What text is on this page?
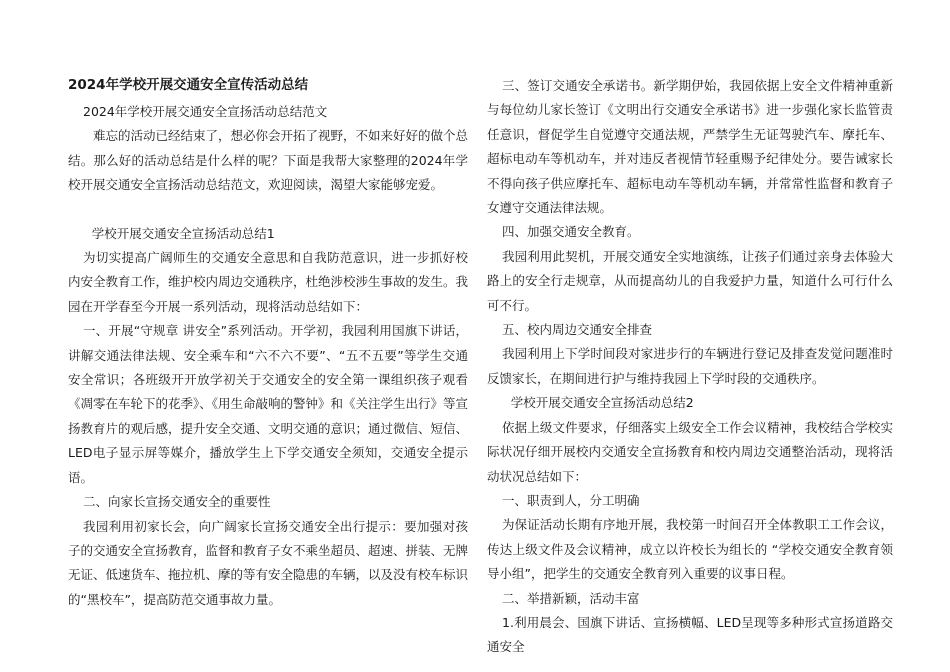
2024年学校开展交通安全宣传活动总结

2024年学校开展交通安全宣扬活动总结范文

难忘的活动已经结束了，想必你会开拓了视野，不如来好好的做个总结。那么好的活动总结是什么样的呢？下面是我帮大家整理的2024年学校开展交通安全宣扬活动总结范文，欢迎阅读，渴望大家能够宠爱。

学校开展交通安全宣扬活动总结1

为切实提高广阔师生的交通安全意思和自我防范意识，进一步抓好校内安全教育工作，维护校内周边交通秩序，杜绝涉校涉生事故的发生。我园在开学春至今开展一系列活动，现将活动总结如下：

一、开展“守规章 讲安全”系列活动。开学初，我园利用国旗下讲话，讲解交通法律法规、安全乘车和“六不六不要”、“五不五要”等学生交通安全常识；各班级开开放学初关于交通安全的安全第一课组织孩子观看《凋零在车轮下的花季》、《用生命敲响的警钟》和《关注学生出行》等宣扬教育片的观后感，提升安全交通、文明交通的意识；通过微信、短信、LED电子显示屏等媒介，播放学生上下学交通安全须知，交通安全提示语。

二、向家长宣扬交通安全的重要性

我园利用初家长会，向广阔家长宣扬交通安全出行提示：要加强对孩子的交通安全宣扬教育，监督和教育子女不乘坐超员、超速、拼装、无牌无证、低速货车、拖拉机、摩的等有安全隐患的车辆，以及没有校车标识的“黑校车”，提高防范交通事故力量。

三、签订交通安全承诺书。新学期伊始，我园依据上安全文件精神重新与每位幼儿家长签订《文明出行交通安全承诺书》进一步强化家长监管责任意识，督促学生自觉遵守交通法规，严禁学生无证驾驶汽车、摩托车、超标电动车等机动车，并对违反者视情节轻重赐予纪律处分。要告诫家长不得向孩子供应摩托车、超标电动车等机动车辆，并常常性监督和教育子女遵守交通法律法规。

四、加强交通安全教育。

我园利用此契机，开展交通安全实地演练，让孩子们通过亲身去体验大路上的安全行走规章，从而提高幼儿的自我爱护力量，知道什么可行什么可不行。

五、校内周边交通安全排查

我园利用上下学时间段对家进步行的车辆进行登记及排查发觉问题准时反馈家长，在期间进行护与维持我园上下学时段的交通秩序。

学校开展交通安全宣扬活动总结2

依据上级文件要求，仔细落实上级安全工作会议精神，我校结合学校实际状况仔细开展校内交通安全宣扬教育和校内周边交通整治活动，现将活动状况总结如下：

一、职责到人，分工明确

为保证活动长期有序地开展，我校第一时间召开全体教职工工作会议，传达上级文件及会议精神，成立以许校长为组长的 “学校交通安全教育领导小组”，把学生的交通安全教育列入重要的议事日程。

二、举措新颖，活动丰富

1.利用晨会、国旗下讲话、宣扬横幅、LED呈现等多种形式宣扬道路交通安全
